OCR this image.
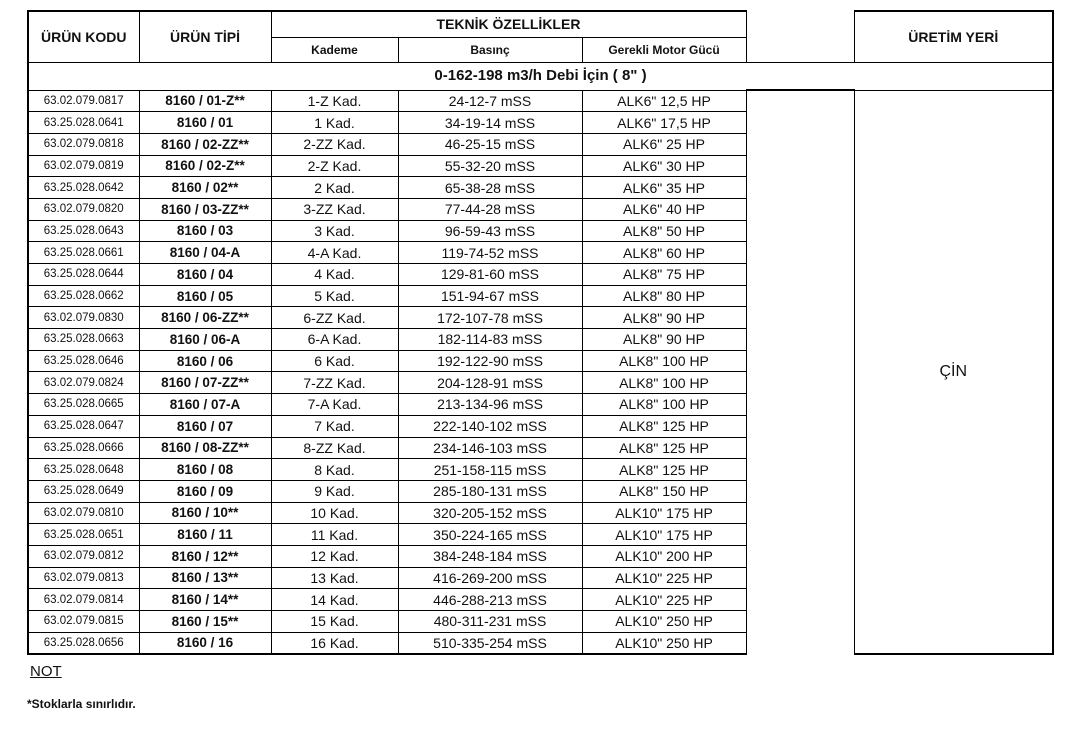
ÜRÜN KODU	ÜRÜN TİPİ	TEKNİK ÖZELLİKLER				ÜRETİM YERİ
		Kademe	Basınç	Gerekli Motor Gücü		
0-162-198 m3/h Debi İçin ( 8" )						
63.02.079.0817	8160 / 01-Z**	1-Z Kad.	24-12-7 mSS	ALK6" 12,5 HP		ÇİN
63.25.028.0641	8160 / 01	1 Kad.	34-19-14 mSS	ALK6" 17,5 HP		
63.02.079.0818	8160 / 02-ZZ**	2-ZZ Kad.	46-25-15 mSS	ALK6" 25 HP		
63.02.079.0819	8160 / 02-Z**	2-Z Kad.	55-32-20 mSS	ALK6" 30 HP		
63.25.028.0642	8160 / 02**	2 Kad.	65-38-28 mSS	ALK6" 35 HP		
63.02.079.0820	8160 / 03-ZZ**	3-ZZ Kad.	77-44-28 mSS	ALK6" 40 HP		
63.25.028.0643	8160 / 03	3 Kad.	96-59-43 mSS	ALK8" 50 HP		
63.25.028.0661	8160 / 04-A	4-A Kad.	119-74-52 mSS	ALK8" 60 HP		
63.25.028.0644	8160 / 04	4 Kad.	129-81-60 mSS	ALK8" 75 HP		
63.25.028.0662	8160 / 05	5 Kad.	151-94-67 mSS	ALK8" 80 HP		
63.02.079.0830	8160 / 06-ZZ**	6-ZZ Kad.	172-107-78 mSS	ALK8" 90 HP		
63.25.028.0663	8160 / 06-A	6-A Kad.	182-114-83 mSS	ALK8" 90 HP		
63.25.028.0646	8160 / 06	6 Kad.	192-122-90 mSS	ALK8" 100 HP		
63.02.079.0824	8160 / 07-ZZ**	7-ZZ Kad.	204-128-91 mSS	ALK8" 100 HP		
63.25.028.0665	8160 / 07-A	7-A Kad.	213-134-96 mSS	ALK8" 100 HP		
63.25.028.0647	8160 / 07	7 Kad.	222-140-102 mSS	ALK8" 125 HP		
63.25.028.0666	8160 / 08-ZZ**	8-ZZ Kad.	234-146-103 mSS	ALK8" 125 HP		
63.25.028.0648	8160 / 08	8 Kad.	251-158-115 mSS	ALK8" 125 HP		
63.25.028.0649	8160 / 09	9 Kad.	285-180-131 mSS	ALK8" 150 HP		
63.02.079.0810	8160 / 10**	10 Kad.	320-205-152 mSS	ALK10" 175 HP		
63.25.028.0651	8160 / 11	11 Kad.	350-224-165 mSS	ALK10" 175 HP		
63.02.079.0812	8160 / 12**	12 Kad.	384-248-184 mSS	ALK10" 200 HP		
63.02.079.0813	8160 / 13**	13 Kad.	416-269-200 mSS	ALK10" 225 HP		
63.02.079.0814	8160 / 14**	14 Kad.	446-288-213 mSS	ALK10" 225 HP		
63.02.079.0815	8160 / 15**	15 Kad.	480-311-231 mSS	ALK10" 250 HP		
63.25.028.0656	8160 / 16	16 Kad.	510-335-254 mSS	ALK10" 250 HP		
NOT
*Stoklarla sınırlıdır.
